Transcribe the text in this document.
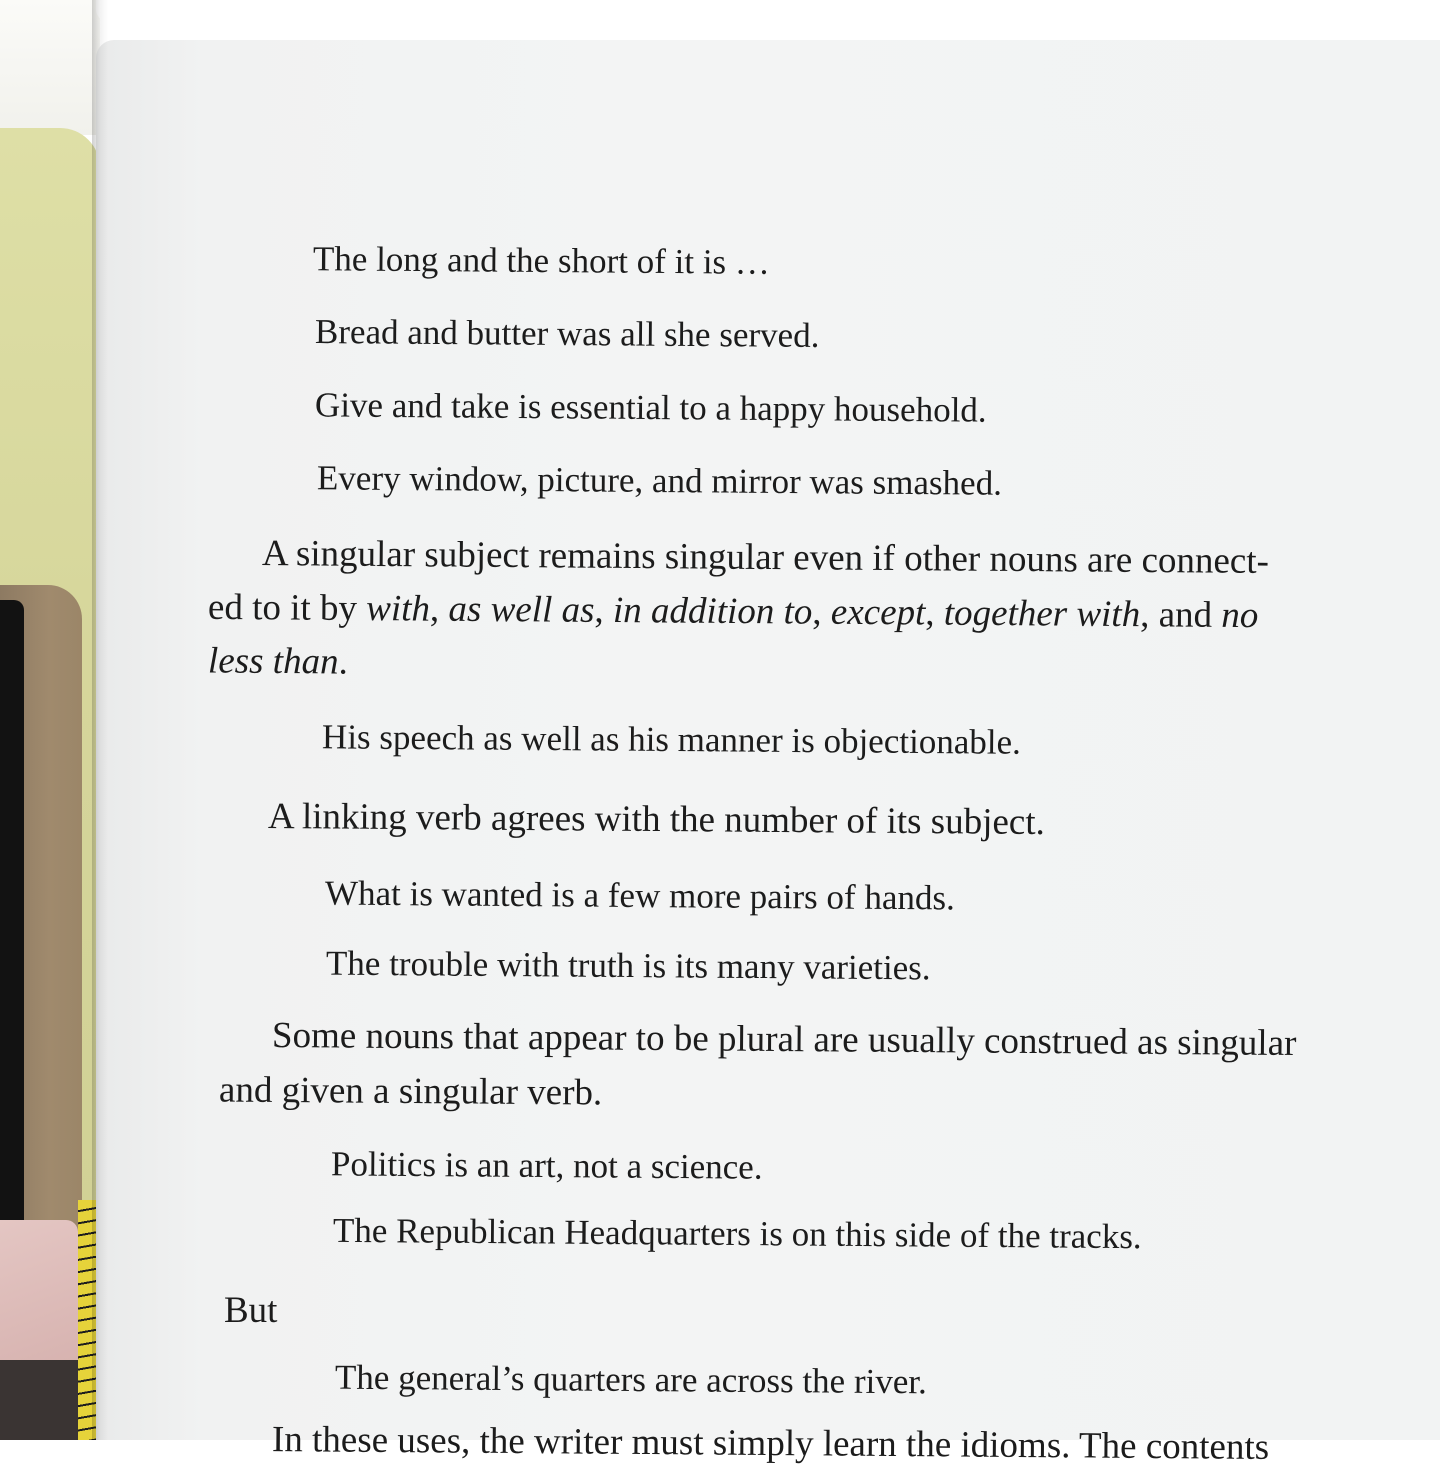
The long and the short of it is …

Bread and butter was all she served.

Give and take is essential to a happy household.

Every window, picture, and mirror was smashed.

A singular subject remains singular even if other nouns are connect-

ed to it by with, as well as, in addition to, except, together with, and no

less than.

His speech as well as his manner is objectionable.

A linking verb agrees with the number of its subject.

What is wanted is a few more pairs of hands.

The trouble with truth is its many varieties.

Some nouns that appear to be plural are usually construed as singular

and given a singular verb.

Politics is an art, not a science.

The Republican Headquarters is on this side of the tracks.

But

The general’s quarters are across the river.

In these uses, the writer must simply learn the idioms. The contents
